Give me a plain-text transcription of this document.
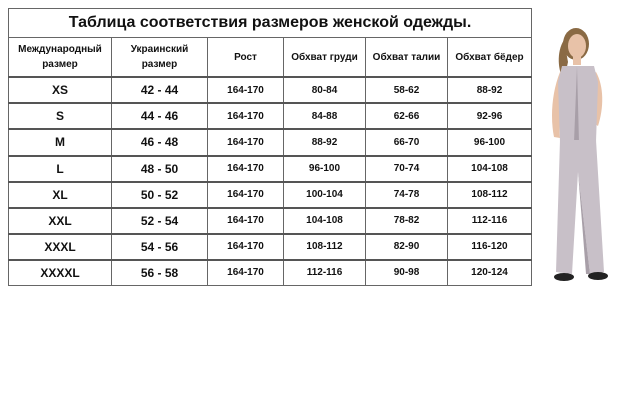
Таблица соответствия размеров женской одежды.					
Международный размер	Украинский размер	Рост	Обхват груди	Обхват талии	Обхват бёдер
XS	42 - 44	164-170	80-84	58-62	88-92
S	44 - 46	164-170	84-88	62-66	92-96
M	46 - 48	164-170	88-92	66-70	96-100
L	48 - 50	164-170	96-100	70-74	104-108
XL	50 - 52	164-170	100-104	74-78	108-112
XXL	52 - 54	164-170	104-108	78-82	112-116
XXXL	54 - 56	164-170	108-112	82-90	116-120
XXXXL	56 - 58	164-170	112-116	90-98	120-124
